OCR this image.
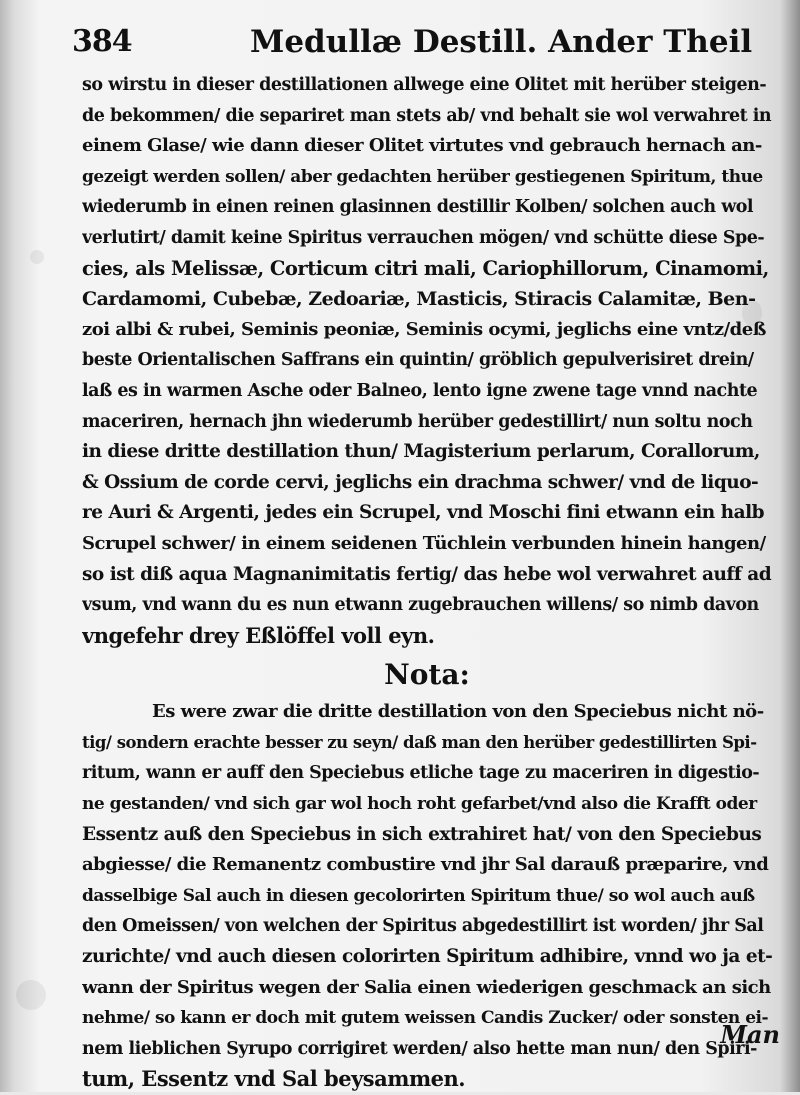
384	Medullæ Destill. Ander Theil
so wirstu in dieser destillationen allwege eine Olitet mit herüber steigen-
de bekommen/ die separiret man stets ab/ vnd behalt sie wol verwahret in
einem Glase/ wie dann dieser Olitet virtutes vnd gebrauch hernach an-
gezeigt werden sollen/ aber gedachten herüber gestiegenen Spiritum, thue
wiederumb in einen reinen glasinnen destillir Kolben/ solchen auch wol
verlutirt/ damit keine Spiritus verrauchen mögen/ vnd schütte diese Spe-
cies, als Melissæ, Corticum citri mali, Cariophillorum, Cinamomi,
Cardamomi, Cubebæ, Zedoariæ, Masticis, Stiracis Calamitæ, Ben-
zoi albi & rubei, Seminis peoniæ, Seminis ocymi, jeglichs eine vntz/deß
beste Orientalischen Saffrans ein quintin/ gröblich gepulverisiret drein/
laß es in warmen Asche oder Balneo, lento igne zwene tage vnnd nachte
maceriren, hernach jhn wiederumb herüber gedestillirt/ nun soltu noch
in diese dritte destillation thun/ Magisterium perlarum, Corallorum,
& Ossium de corde cervi, jeglichs ein drachma schwer/ vnd de liquo-
re Auri & Argenti, jedes ein Scrupel, vnd Moschi fini etwann ein halb
Scrupel schwer/ in einem seidenen Tüchlein verbunden hinein hangen/
so ist diß aqua Magnanimitatis fertig/ das hebe wol verwahret auff ad
vsum, vnd wann du es nun etwann zugebrauchen willens/ so nimb davon
vngefehr drey Eßlöffel voll eyn.
Nota:
Es were zwar die dritte destillation von den Speciebus nicht nö-
tig/ sondern erachte besser zu seyn/ daß man den herüber gedestillirten Spi-
ritum, wann er auff den Speciebus etliche tage zu maceriren in digestio-
ne gestanden/ vnd sich gar wol hoch roht gefarbet/vnd also die Krafft oder
Essentz auß den Speciebus in sich extrahiret hat/ von den Speciebus
abgiesse/ die Remanentz combustire vnd jhr Sal darauß præparire, vnd
dasselbige Sal auch in diesen gecolorirten Spiritum thue/ so wol auch auß
den Omeissen/ von welchen der Spiritus abgedestillirt ist worden/ jhr Sal
zurichte/ vnd auch diesen colorirten Spiritum adhibire, vnnd wo ja et-
wann der Spiritus wegen der Salia einen wiederigen geschmack an sich
nehme/ so kann er doch mit gutem weissen Candis Zucker/ oder sonsten ei-
nem lieblichen Syrupo corrigiret werden/ also hette man nun/ den Spiri-
tum, Essentz vnd Sal beysammen.
Man
